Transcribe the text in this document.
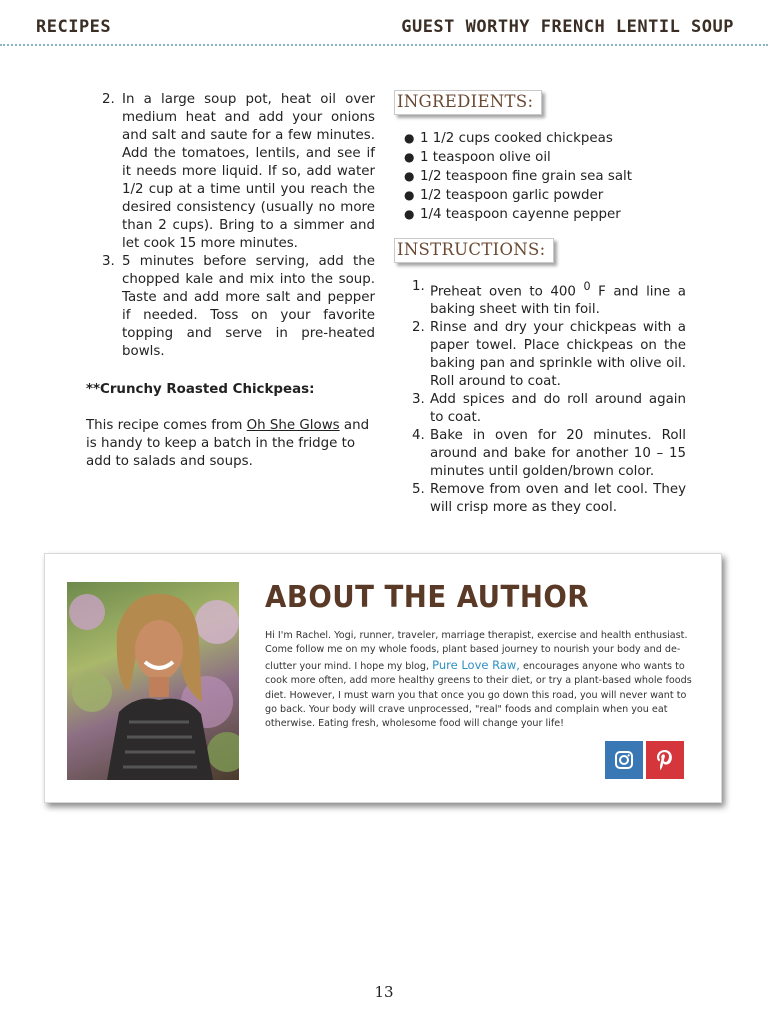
RECIPES	GUEST WORTHY FRENCH LENTIL SOUP
2. In a large soup pot, heat oil over medium heat and add your onions and salt and saute for a few minutes. Add the tomatoes, lentils, and see if it needs more liquid. If so, add water 1/2 cup at a time until you reach the desired consistency (usually no more than 2 cups). Bring to a simmer and let cook 15 more minutes.
3. 5 minutes before serving, add the chopped kale and mix into the soup. Taste and add more salt and pepper if needed. Toss on your favorite topping and serve in pre-heated bowls.

**Crunchy Roasted Chickpeas:

This recipe comes from Oh She Glows and is handy to keep a batch in the fridge to add to salads and soups.

INGREDIENTS:
● 1 1/2 cups cooked chickpeas
● 1 teaspoon olive oil
● 1/2 teaspoon fine grain sea salt
● 1/2 teaspoon garlic powder
● 1/4 teaspoon cayenne pepper
INSTRUCTIONS:
1. Preheat oven to 400 $^0$ F and line a baking sheet with tin foil.
2. Rinse and dry your chickpeas with a paper towel. Place chickpeas on the baking pan and sprinkle with olive oil. Roll around to coat.
3. Add spices and do roll around again to coat.
4. Bake in oven for 20 minutes. Roll around and bake for another 10 – 15 minutes until golden/brown color.
5. Remove from oven and let cool. They will crisp more as they cool.
ABOUT THE AUTHOR

Hi I'm Rachel. Yogi, runner, traveler, marriage therapist, exercise and health enthusiast. Come follow me on my whole foods, plant based journey to nourish your body and de-clutter your mind. I hope my blog, Pure Love Raw, encourages anyone who wants to cook more often, add more healthy greens to their diet, or try a plant-based whole foods diet. However, I must warn you that once you go down this road, you will never want to go back. Your body will crave unprocessed, "real" foods and complain when you eat otherwise. Eating fresh, wholesome food will change your life!

13
